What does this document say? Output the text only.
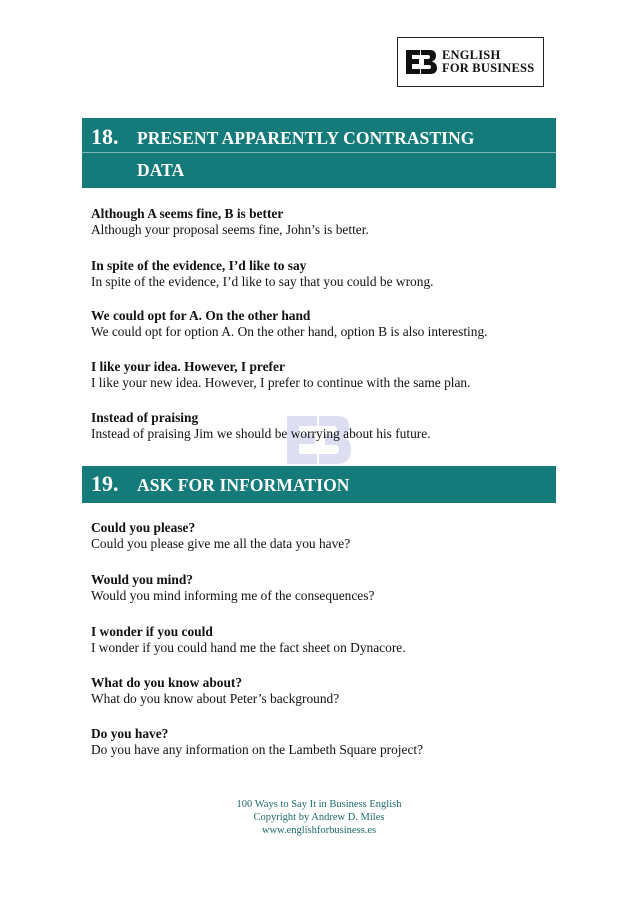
ENGLISH
FOR BUSINESS
18. PRESENT APPARENTLY CONTRASTING
DATA
Although A seems fine, B is better
Although your proposal seems fine, John’s is better.
In spite of the evidence, I’d like to say
In spite of the evidence, I’d like to say that you could be wrong.
We could opt for A. On the other hand
We could opt for option A. On the other hand, option B is also interesting.
I like your idea. However, I prefer
I like your new idea. However, I prefer to continue with the same plan.
Instead of praising
Instead of praising Jim we should be worrying about his future.
19. ASK FOR INFORMATION
Could you please?
Could you please give me all the data you have?
Would you mind?
Would you mind informing me of the consequences?
I wonder if you could
I wonder if you could hand me the fact sheet on Dynacore.
What do you know about?
What do you know about Peter’s background?
Do you have?
Do you have any information on the Lambeth Square project?
100 Ways to Say It in Business English
Copyright by Andrew D. Miles
www.englishforbusiness.es
